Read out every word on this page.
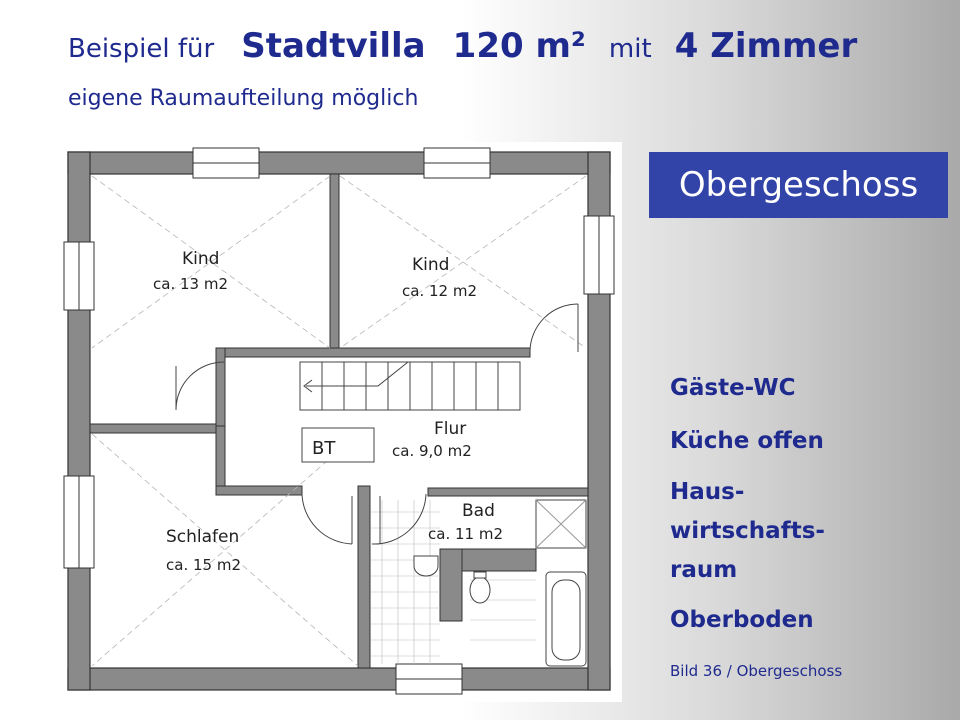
Beispiel für Stadtvilla 120 m² mit 4 Zimmer
eigene Raumaufteilung möglich
Obergeschoss
Gäste-WC
Küche offen
Haus-
wirtschafts-
raum
Oberboden
Bild 36 / Obergeschoss
BT
Kind
ca. 13 m2
Kind
ca. 12 m2
Flur
ca. 9,0 m2
Schlafen
ca. 15 m2
Bad
ca. 11 m2
